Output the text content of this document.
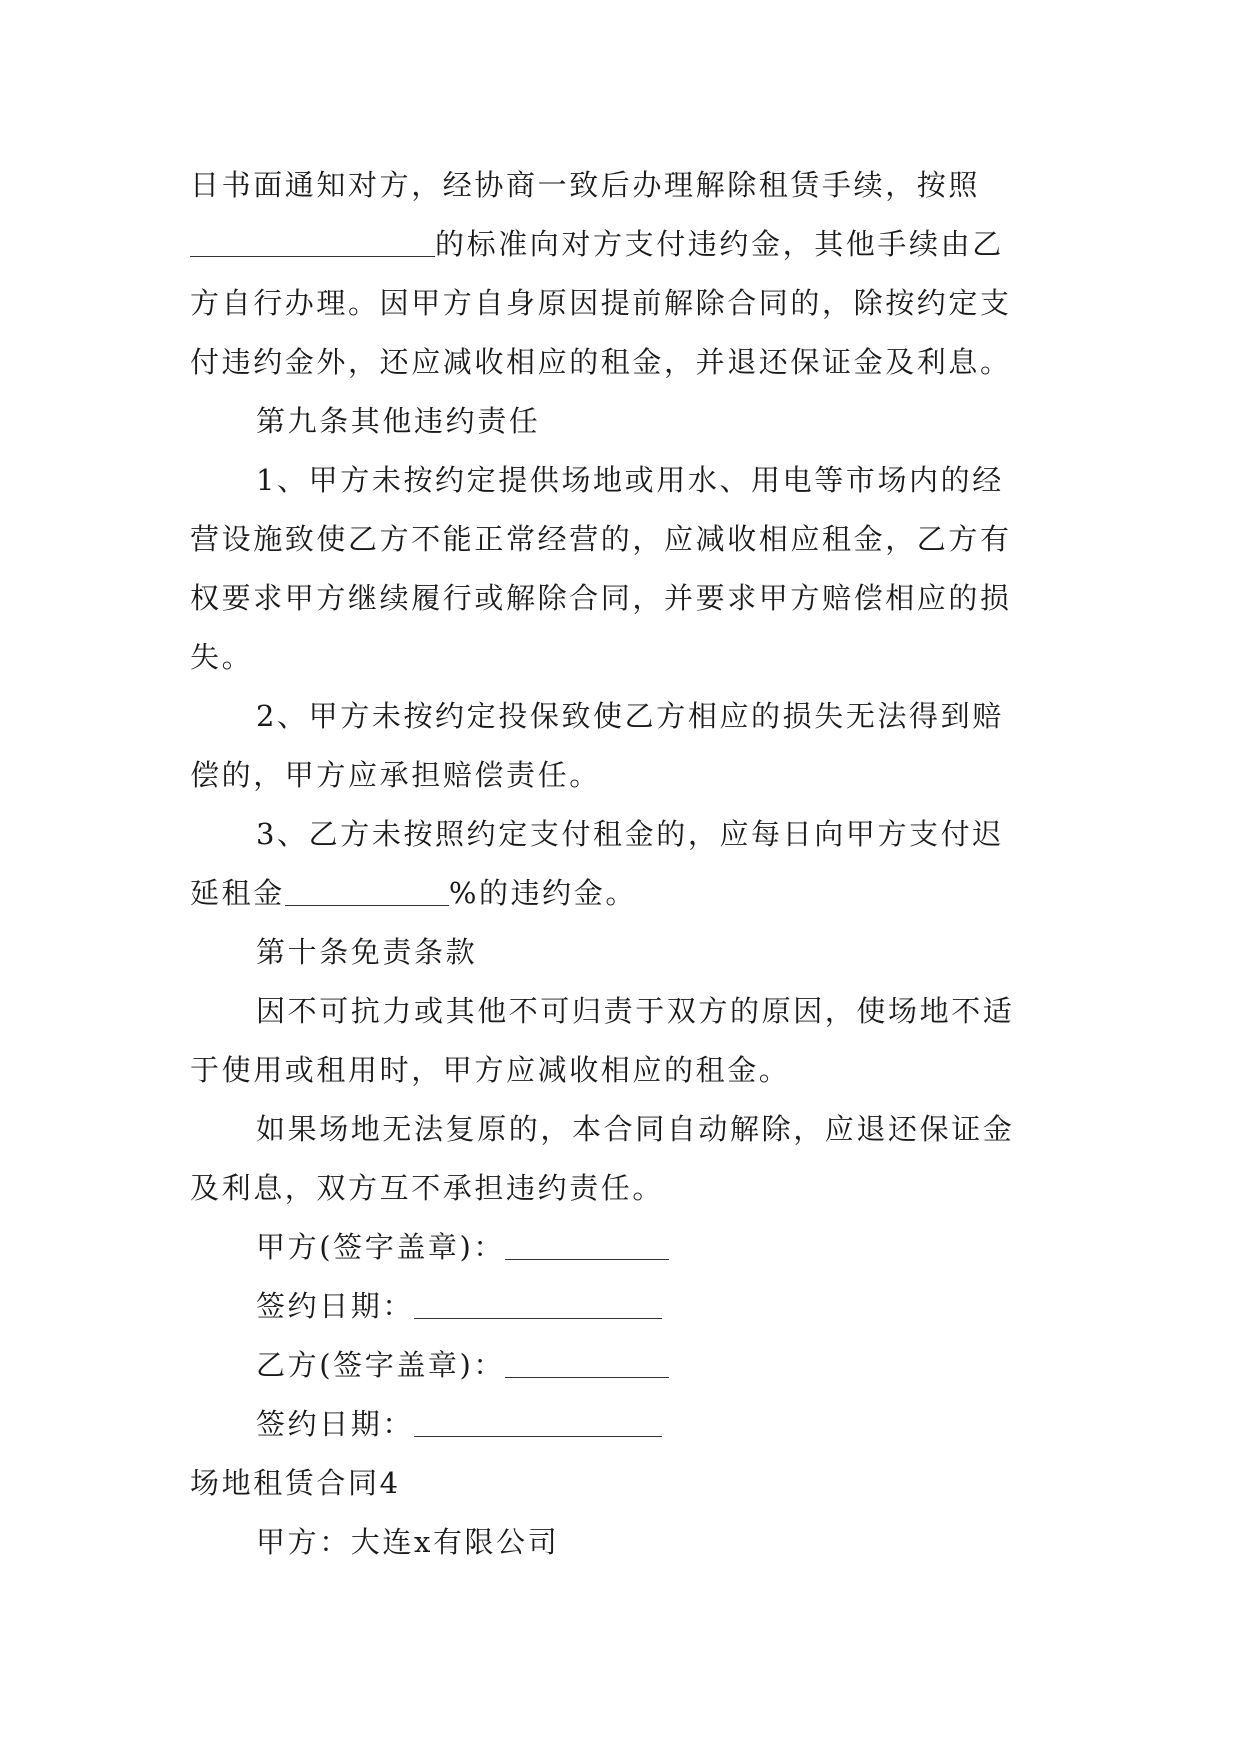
日书面通知对方，经协商一致后办理解除租赁手续，按照
的标准向对方支付违约金，其他手续由乙
方自行办理。因甲方自身原因提前解除合同的，除按约定支
付违约金外，还应减收相应的租金，并退还保证金及利息。
第九条其他违约责任
1、甲方未按约定提供场地或用水、用电等市场内的经
营设施致使乙方不能正常经营的，应减收相应租金，乙方有
权要求甲方继续履行或解除合同，并要求甲方赔偿相应的损
失。
2、甲方未按约定投保致使乙方相应的损失无法得到赔
偿的，甲方应承担赔偿责任。
3、乙方未按照约定支付租金的，应每日向甲方支付迟
延租金	%的违约金。
第十条免责条款
因不可抗力或其他不可归责于双方的原因，使场地不适
于使用或租用时，甲方应减收相应的租金。
如果场地无法复原的，本合同自动解除，应退还保证金
及利息，双方互不承担违约责任。
甲方(签字盖章)：
签约日期：
乙方(签字盖章)：
签约日期：
场地租赁合同4
甲方：大连x有限公司
